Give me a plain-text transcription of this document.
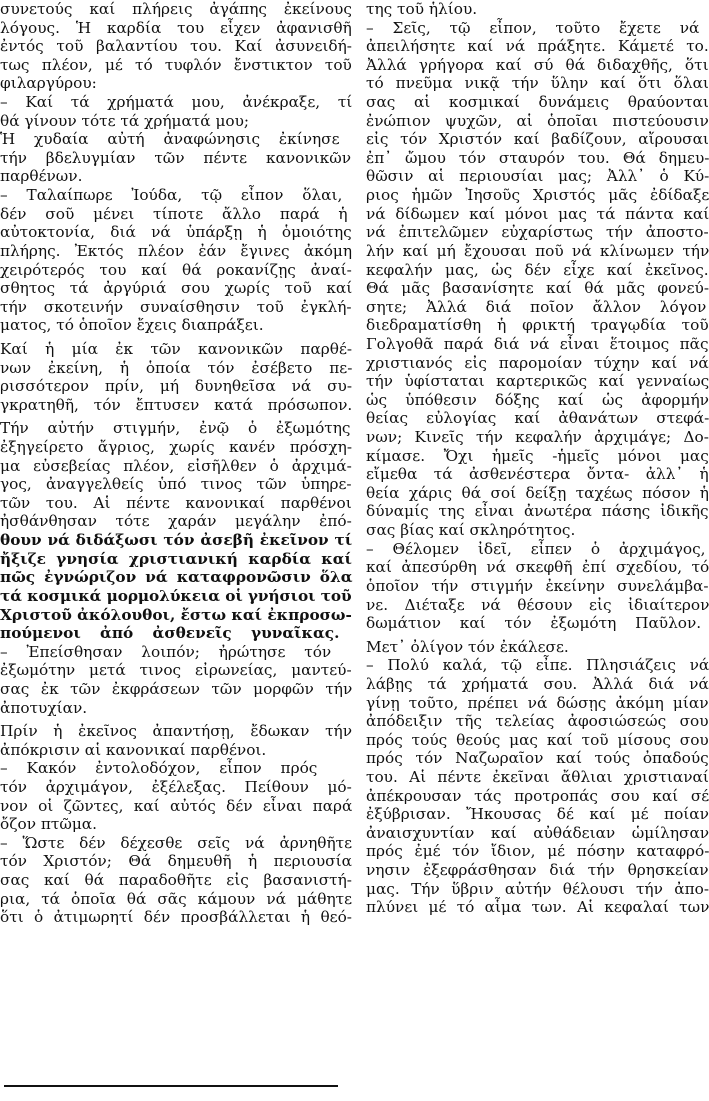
συνετούς καί πλήρεις ἀγάπης ἐκείνους
λόγους. Ἡ καρδία του εἶχεν ἀφανισθῆ
ἐντός τοῦ βαλαντίου του. Καί ἀσυνειδή-
τως πλέον, μέ τό τυφλόν ἔνστικτον τοῦ
φιλαργύρου:
– Καί τά χρήματά μου, ἀνέκραξε, τί
θά γίνουν τότε τά χρήματά μου;
Ἡ χυδαία αὐτή ἀναφώνησις ἐκίνησε
τήν βδελυγμίαν τῶν πέντε κανονικῶν
παρθένων.
– Ταλαίπωρε Ἰούδα, τῷ εἶπον ὅλαι,
δέν σοῦ μένει τίποτε ἄλλο παρά ἡ
αὐτοκτονία, διά νά ὑπάρξῃ ἡ ὁμοιότης
πλήρης. Ἐκτός πλέον ἐάν ἔγινες ἀκόμη
χειρότερός του καί θά ροκανίζῃς ἀναί-
σθητος τά ἀργύριά σου χωρίς τοῦ καί
τήν σκοτεινήν συναίσθησιν τοῦ ἐγκλή-
ματος, τό ὁποῖον ἔχεις διαπράξει.
Καί ἡ μία ἐκ τῶν κανονικῶν παρθέ-
νων ἐκείνη, ἡ ὁποία τόν ἐσέβετο πε-
ρισσότερον πρίν, μή δυνηθεῖσα νά συ-
γκρατηθῆ, τόν ἔπτυσεν κατά πρόσωπον.
Τήν αὐτήν στιγμήν, ἐνῷ ὁ ἐξωμότης
ἐξηγείρετο ἄγριος, χωρίς κανέν πρόσχη-
μα εὐσεβείας πλέον, εἰσῆλθεν ὁ ἀρχιμά-
γος, ἀναγγελθείς ὑπό τινος τῶν ὑπηρε-
τῶν του. Αἱ πέντε κανονικαί παρθένοι
ἠσθάνθησαν τότε χαράν μεγάλην ἐπό-
θουν νά διδάξωσι τόν ἀσεβῆ ἐκεῖνον τί
ἤξιζε γνησία χριστιανική καρδία καί
πῶς ἐγνώριζον νά καταφρονῶσιν ὅλα
τά κοσμικά μορμολύκεια οἱ γνήσιοι τοῦ
Χριστοῦ ἀκόλουθοι, ἔστω καί ἐκπροσω-
πούμενοι ἀπό ἀσθενεῖς γυναῖκας.
– Ἐπείσθησαν λοιπόν; ἠρώτησε τόν
ἐξωμότην μετά τινος εἰρωνείας, μαντεύ-
σας ἐκ τῶν ἐκφράσεων τῶν μορφῶν τήν
ἀποτυχίαν.
Πρίν ἡ ἐκεῖνος ἀπαντήσῃ, ἔδωκαν τήν
ἀπόκρισιν αἱ κανονικαί παρθένοι.
– Κακόν ἐντολοδόχον, εἶπον πρός
τόν ἀρχιμάγον, ἐξέλεξας. Πείθουν μό-
νον οἱ ζῶντες, καί αὐτός δέν εἶναι παρά
ὄζον πτῶμα.
– Ὥστε δέν δέχεσθε σεῖς νά ἀρνηθῆτε
τόν Χριστόν; Θά δημευθῆ ἡ περιουσία
σας καί θά παραδοθῆτε εἰς βασανιστή-
ρια, τά ὁποῖα θά σᾶς κάμουν νά μάθητε
ὅτι ὁ ἀτιμωρητί δέν προσβάλλεται ἡ θεό-
της τοῦ ἡλίου.
– Σεῖς, τῷ εἶπον, τοῦτο ἔχετε νά
ἀπειλήσητε καί νά πράξητε. Κάμετέ το.
Ἀλλά γρήγορα καί σύ θά διδαχθῆς, ὅτι
τό πνεῦμα νικᾷ τήν ὕλην καί ὅτι ὅλαι
σας αἱ κοσμικαί δυνάμεις θραύονται
ἐνώπιον ψυχῶν, αἱ ὁποῖαι πιστεύουσιν
εἰς τόν Χριστόν καί βαδίζουν, αἴρουσαι
ἐπ᾿ ὤμου τόν σταυρόν του. Θά δημευ-
θῶσιν αἱ περιουσίαι μας; Ἀλλ᾿ ὁ Κύ-
ριος ἡμῶν Ἰησοῦς Χριστός μᾶς ἐδίδαξε
νά δίδωμεν καί μόνοι μας τά πάντα καί
νά ἐπιτελῶμεν εὐχαρίστως τήν ἀποστο-
λήν καί μή ἔχουσαι ποῦ νά κλίνωμεν τήν
κεφαλήν μας, ὡς δέν εἶχε καί ἐκεῖνος.
Θά μᾶς βασανίσητε καί θά μᾶς φονεύ-
σητε; Ἀλλά διά ποῖον ἄλλον λόγον
διεδραματίσθη ἡ φρικτή τραγῳδία τοῦ
Γολγοθᾶ παρά διά νά εἶναι ἕτοιμος πᾶς
χριστιανός εἰς παρομοίαν τύχην καί νά
τήν ὑφίσταται καρτερικῶς καί γενναίως
ὡς ὑπόθεσιν δόξης καί ὡς ἀφορμήν
θείας εὐλογίας καί ἀθανάτων στεφά-
νων; Κινεῖς τήν κεφαλήν ἀρχιμάγε; Δο-
κίμασε. Ὄχι ἡμεῖς -ἡμεῖς μόνοι μας
εἴμεθα τά ἀσθενέστερα ὄντα- ἀλλ᾿ ἡ
θεία χάρις θά σοί δείξῃ ταχέως πόσον ἡ
δύναμίς της εἶναι ἀνωτέρα πάσης ἰδικῆς
σας βίας καί σκληρότητος.
– Θέλομεν ἰδεῖ, εἶπεν ὁ ἀρχιμάγος,
καί ἀπεσύρθη νά σκεφθῆ ἐπί σχεδίου, τό
ὁποῖον τήν στιγμήν ἐκείνην συνελάμβα-
νε. Διέταξε νά θέσουν εἰς ἰδιαίτερον
δωμάτιον καί τόν ἐξωμότη Παῦλον.
Μετ᾿ ὀλίγον τόν ἐκάλεσε.
– Πολύ καλά, τῷ εἶπε. Πλησιάζεις νά
λάβῃς τά χρήματά σου. Ἀλλά διά νά
γίνῃ τοῦτο, πρέπει νά δώσῃς ἀκόμη μίαν
ἀπόδειξιν τῆς τελείας ἀφοσιώσεώς σου
πρός τούς θεούς μας καί τοῦ μίσους σου
πρός τόν Ναζωραῖον καί τούς ὀπαδούς
του. Αἱ πέντε ἐκεῖναι ἄθλιαι χριστιαναί
ἀπέκρουσαν τάς προτροπάς σου καί σέ
ἐξύβρισαν. Ἤκουσας δέ καί μέ ποίαν
ἀναισχυντίαν καί αὐθάδειαν ὡμίλησαν
πρός ἐμέ τόν ἴδιον, μέ πόσην καταφρό-
νησιν ἐξεφράσθησαν διά τήν θρησκείαν
μας. Τήν ὕβριν αὐτήν θέλουσι τήν ἀπο-
πλύνει μέ τό αἷμα των. Αἱ κεφαλαί των
